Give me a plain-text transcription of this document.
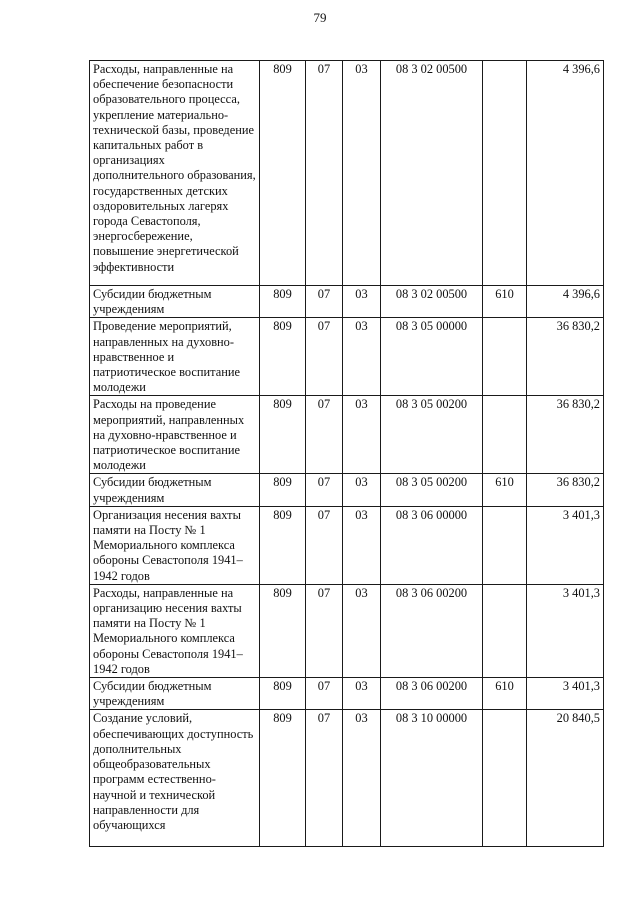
79
Расходы, направленные на обеспечение безопасности образовательного процесса, укрепление материально-технической базы, проведение капитальных работ в организациях дополнительного образования, государственных детских оздоровительных лагерях города Севастополя, энергосбережение, повышение энергетической эффективности	809	07	03	08 3 02 00500		4 396,6
Субсидии бюджетным учреждениям	809	07	03	08 3 02 00500	610	4 396,6
Проведение мероприятий, направленных на духовно-нравственное и патриотическое воспитание молодежи	809	07	03	08 3 05 00000		36 830,2
Расходы на проведение мероприятий, направленных на духовно-нравственное и патриотическое воспитание молодежи	809	07	03	08 3 05 00200		36 830,2
Субсидии бюджетным учреждениям	809	07	03	08 3 05 00200	610	36 830,2
Организация несения вахты памяти на Посту № 1 Мемориального комплекса обороны Севастополя 1941–1942 годов	809	07	03	08 3 06 00000		3 401,3
Расходы, направленные на организацию несения вахты памяти на Посту № 1 Мемориального комплекса обороны Севастополя 1941–1942 годов	809	07	03	08 3 06 00200		3 401,3
Субсидии бюджетным учреждениям	809	07	03	08 3 06 00200	610	3 401,3
Создание условий, обеспечивающих доступность дополнительных общеобразовательных программ естественно-научной и технической направленности для обучающихся	809	07	03	08 3 10 00000		20 840,5
